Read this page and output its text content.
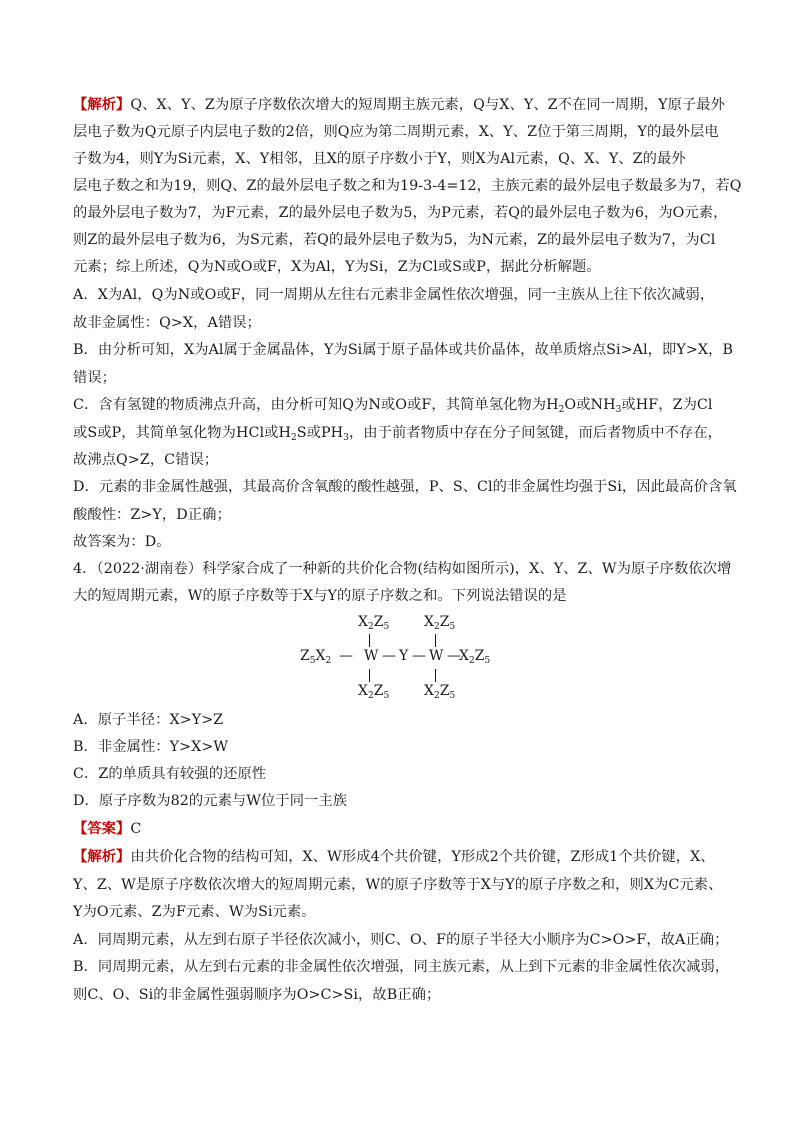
【解析】Q、X、Y、Z为原子序数依次增大的短周期主族元素，Q与X、Y、Z不在同一周期，Y原子最外
层电子数为Q元原子内层电子数的2倍，则Q应为第二周期元素，X、Y、Z位于第三周期，Y的最外层电
子数为4，则Y为Si元素，X、Y相邻，且X的原子序数小于Y，则X为Al元素，Q、X、Y、Z的最外
层电子数之和为19，则Q、Z的最外层电子数之和为19-3-4=12，主族元素的最外层电子数最多为7，若Q
的最外层电子数为7，为F元素，Z的最外层电子数为5，为P元素，若Q的最外层电子数为6，为O元素，
则Z的最外层电子数为6，为S元素，若Q的最外层电子数为5，为N元素，Z的最外层电子数为7，为Cl
元素；综上所述，Q为N或O或F，X为Al，Y为Si，Z为Cl或S或P，据此分析解题。
A．X为Al，Q为N或O或F，同一周期从左往右元素非金属性依次增强，同一主族从上往下依次减弱，
故非金属性：Q>X，A错误；
B．由分析可知，X为Al属于金属晶体，Y为Si属于原子晶体或共价晶体，故单质熔点Si>Al，即Y>X，B
错误；
C．含有氢键的物质沸点升高，由分析可知Q为N或O或F，其简单氢化物为$H_2O$或$NH_3$或HF，Z为Cl
或S或P，其简单氢化物为HCl或$H_2S$或$PH_3$，由于前者物质中存在分子间氢键，而后者物质中不存在，
故沸点Q>Z，C错误；
D．元素的非金属性越强，其最高价含氧酸的酸性越强，P、S、Cl的非金属性均强于Si，因此最高价含氧
酸酸性：Z>Y，D正确；
故答案为：D。
4．（2022·湖南卷）科学家合成了一种新的共价化合物(结构如图所示)，X、Y、Z、W为原子序数依次增
大的短周期元素，W的原子序数等于X与Y的原子序数之和。下列说法错误的是
$X_2Z_5$ $X_2Z_5$
$Z_5X_2$ — W — Y — W —
$X_2Z_5$
$X_2Z_5$ $X_2Z_5$
A．原子半径：X>Y>Z
B．非金属性：Y>X>W
C．Z的单质具有较强的还原性
D．原子序数为82的元素与W位于同一主族
【答案】C
【解析】由共价化合物的结构可知，X、W形成4个共价键，Y形成2个共价键，Z形成1个共价键，X、
Y、Z、W是原子序数依次增大的短周期元素，W的原子序数等于X与Y的原子序数之和，则X为C元素、
Y为O元素、Z为F元素、W为Si元素。
A．同周期元素，从左到右原子半径依次减小，则C、O、F的原子半径大小顺序为C>O>F，故A正确；
B．同周期元素，从左到右元素的非金属性依次增强，同主族元素，从上到下元素的非金属性依次减弱，
则C、O、Si的非金属性强弱顺序为O>C>Si，故B正确；
